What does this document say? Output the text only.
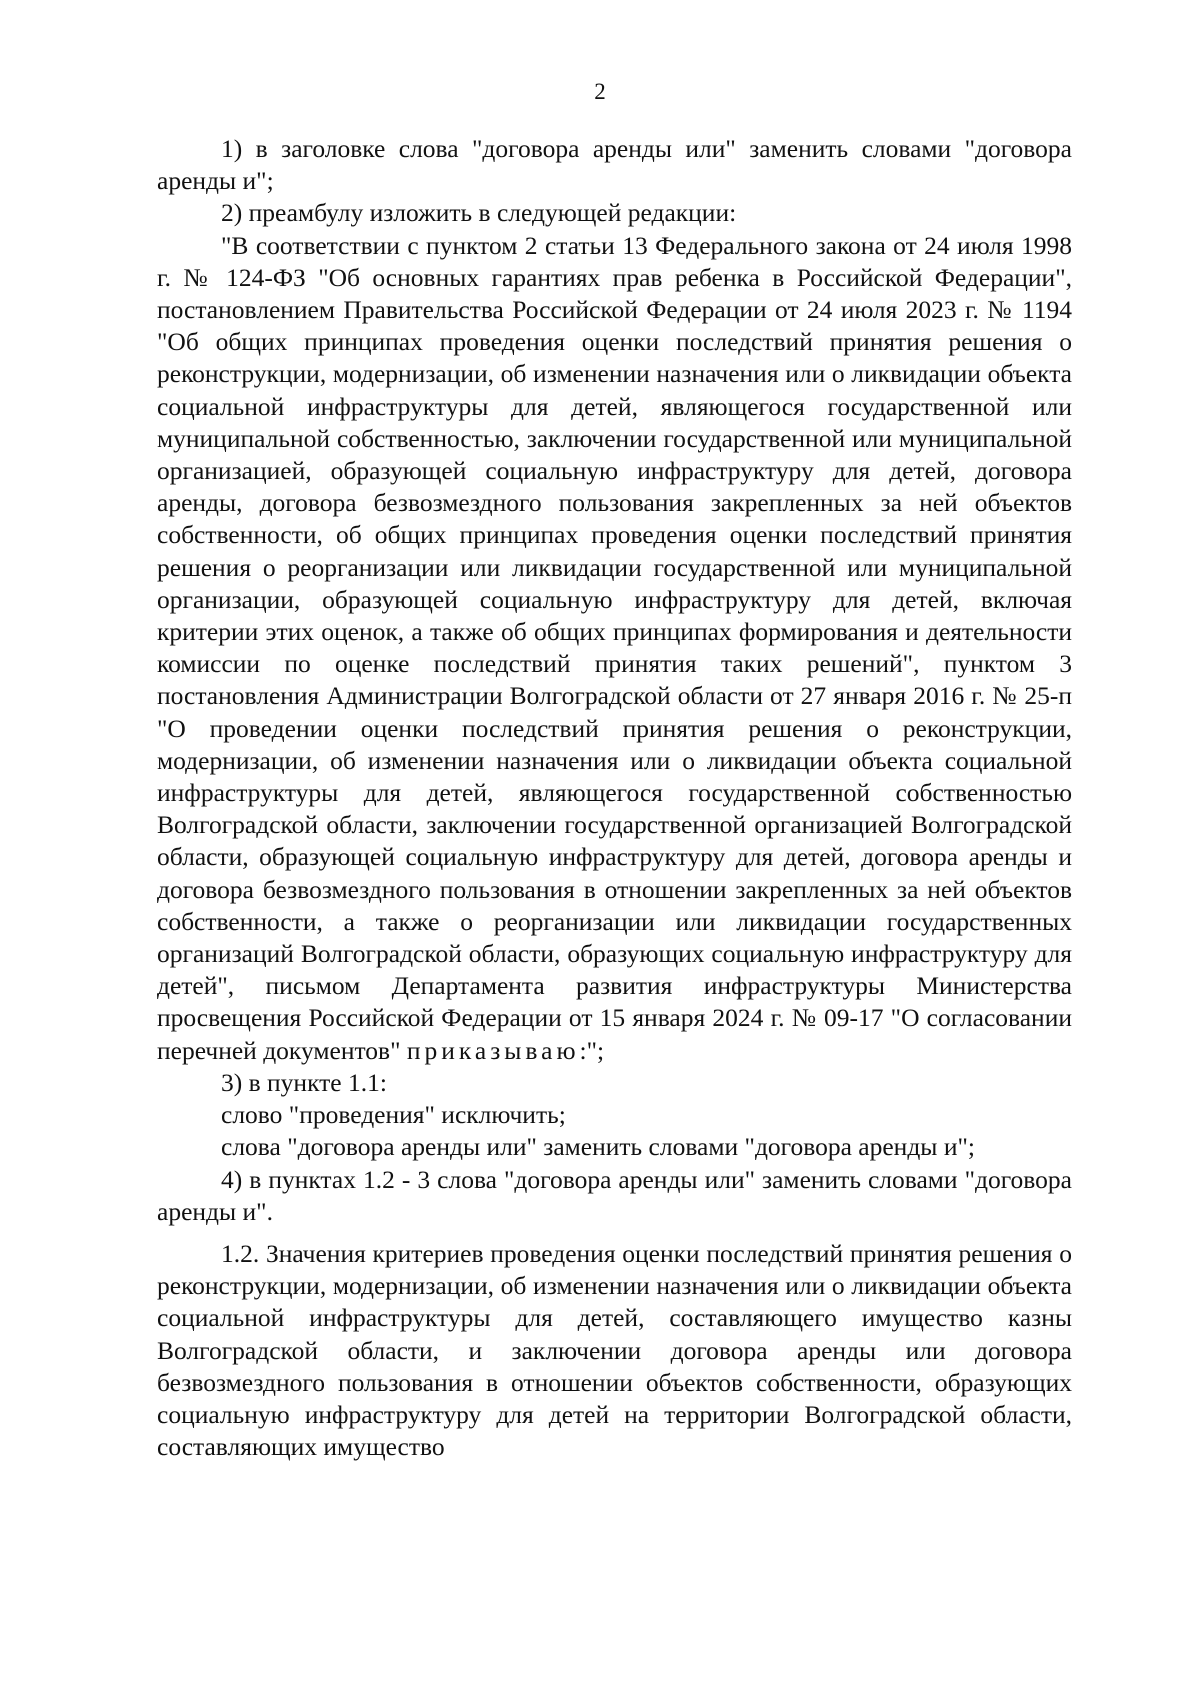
2

1) в заголовке слова "договора аренды или" заменить словами "договора аренды и";

2) преамбулу изложить в следующей редакции:

"В соответствии с пунктом 2 статьи 13 Федерального закона от 24 июля 1998 г. № 124-ФЗ "Об основных гарантиях прав ребенка в Российской Федерации", постановлением Правительства Российской Федерации от 24 июля 2023 г. № 1194 "Об общих принципах проведения оценки последствий принятия решения о реконструкции, модернизации, об изменении назначения или о ликвидации объекта социальной инфраструктуры для детей, являющегося государственной или муниципальной собственностью, заключении государственной или муниципальной организацией, образующей социальную инфраструктуру для детей, договора аренды, договора безвозмездного пользования закрепленных за ней объектов собственности, об общих принципах проведения оценки последствий принятия решения о реорганизации или ликвидации государственной или муниципальной организации, образующей социальную инфраструктуру для детей, включая критерии этих оценок, а также об общих принципах формирования и деятельности комиссии по оценке последствий принятия таких решений", пунктом 3 постановления Администрации Волгоградской области от 27 января 2016 г. № 25-п "О проведении оценки последствий принятия решения о реконструкции, модернизации, об изменении назначения или о ликвидации объекта социальной инфраструктуры для детей, являющегося государственной собственностью Волгоградской области, заключении государственной организацией Волгоградской области, образующей социальную инфраструктуру для детей, договора аренды и договора безвозмездного пользования в отношении закрепленных за ней объектов собственности, а также о реорганизации или ликвидации государственных организаций Волгоградской области, образующих социальную инфраструктуру для детей", письмом Департамента развития инфраструктуры Министерства просвещения Российской Федерации от 15 января 2024 г. № 09-17 "О согласовании перечней документов" приказываю:";

3) в пункте 1.1:

слово "проведения" исключить;

слова "договора аренды или" заменить словами "договора аренды и";

4) в пунктах 1.2 - 3 слова "договора аренды или" заменить словами "договора аренды и".

1.2. Значения критериев проведения оценки последствий принятия решения о реконструкции, модернизации, об изменении назначения или о ликвидации объекта социальной инфраструктуры для детей, составляющего имущество казны Волгоградской области, и заключении договора аренды или договора безвозмездного пользования в отношении объектов собственности, образующих социальную инфраструктуру для детей на территории Волгоградской области, составляющих имущество
